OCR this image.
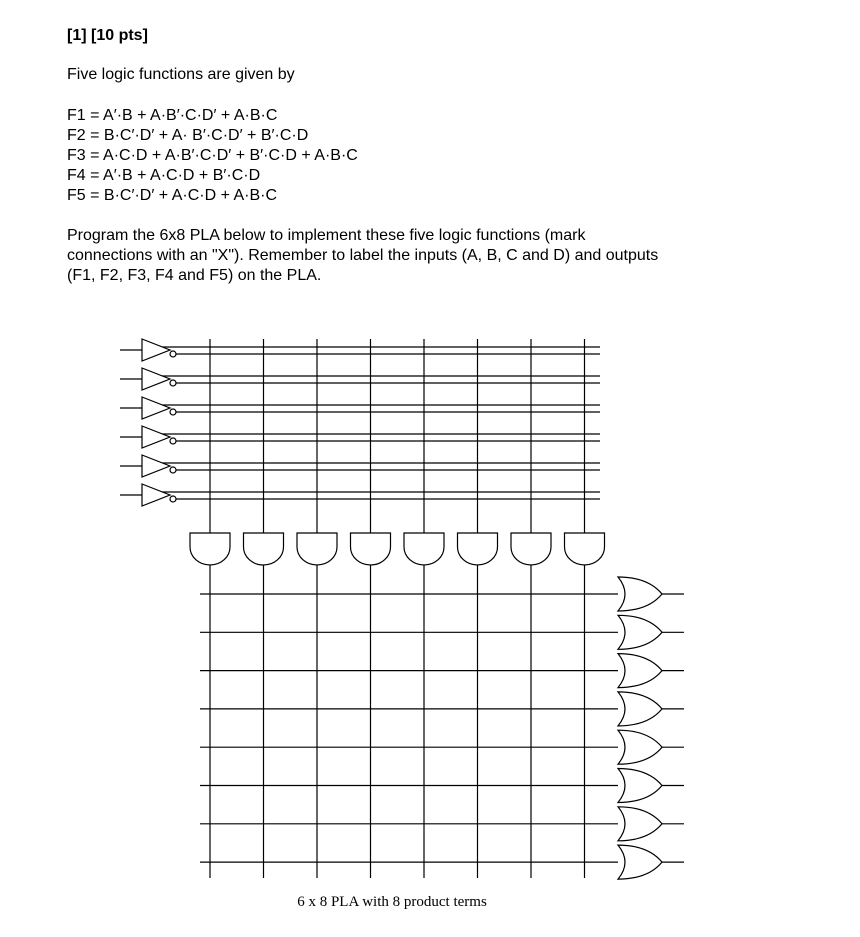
[1] [10 pts]

Five logic functions are given by

F1 = A′·B + A·B′·C·D′ + A·B·C
F2 = B·C′·D′ + A· B′·C·D′ + B′·C·D
F3 = A·C·D + A·B′·C·D′ + B′·C·D + A·B·C
F4 = A′·B + A·C·D + B′·C·D
F5 = B·C′·D′ + A·C·D + A·B·C
Program the 6x8 PLA below to implement these five logic functions (mark
connections with an "X"). Remember to label the inputs (A, B, C and D) and outputs
(F1, F2, F3, F4 and F5) on the PLA.
6 x 8 PLA with 8 product terms
